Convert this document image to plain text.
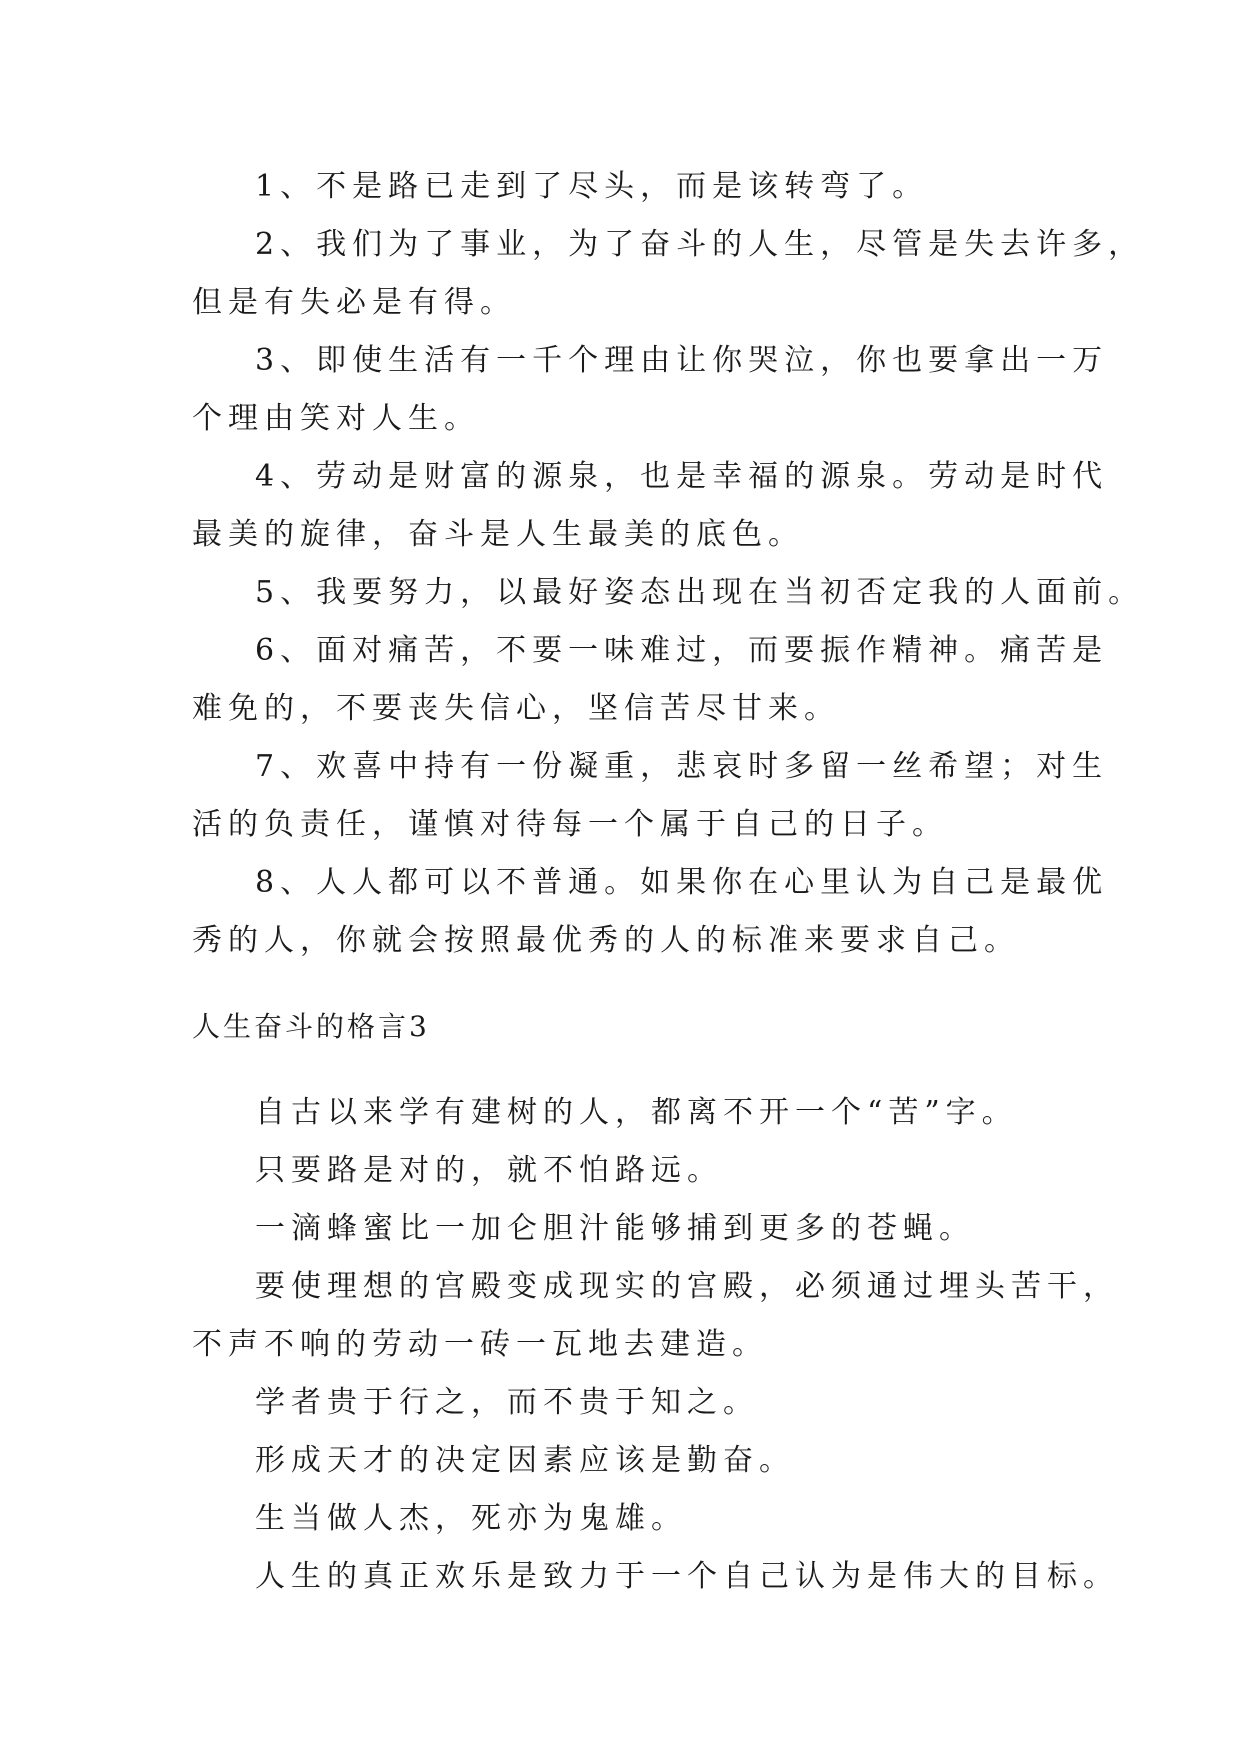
1、不是路已走到了尽头，而是该转弯了。

2、我们为了事业，为了奋斗的人生，尽管是失去许多，

但是有失必是有得。

3、即使生活有一千个理由让你哭泣，你也要拿出一万

个理由笑对人生。

4、劳动是财富的源泉，也是幸福的源泉。劳动是时代

最美的旋律，奋斗是人生最美的底色。

5、我要努力，以最好姿态出现在当初否定我的人面前。

6、面对痛苦，不要一味难过，而要振作精神。痛苦是

难免的，不要丧失信心，坚信苦尽甘来。

7、欢喜中持有一份凝重，悲哀时多留一丝希望；对生

活的负责任，谨慎对待每一个属于自己的日子。

8、人人都可以不普通。如果你在心里认为自己是最优

秀的人，你就会按照最优秀的人的标准来要求自己。

人生奋斗的格言3

自古以来学有建树的人，都离不开一个“苦”字。

只要路是对的，就不怕路远。

一滴蜂蜜比一加仑胆汁能够捕到更多的苍蝇。

要使理想的宫殿变成现实的宫殿，必须通过埋头苦干，

不声不响的劳动一砖一瓦地去建造。

学者贵于行之，而不贵于知之。

形成天才的决定因素应该是勤奋。

生当做人杰，死亦为鬼雄。

人生的真正欢乐是致力于一个自己认为是伟大的目标。
